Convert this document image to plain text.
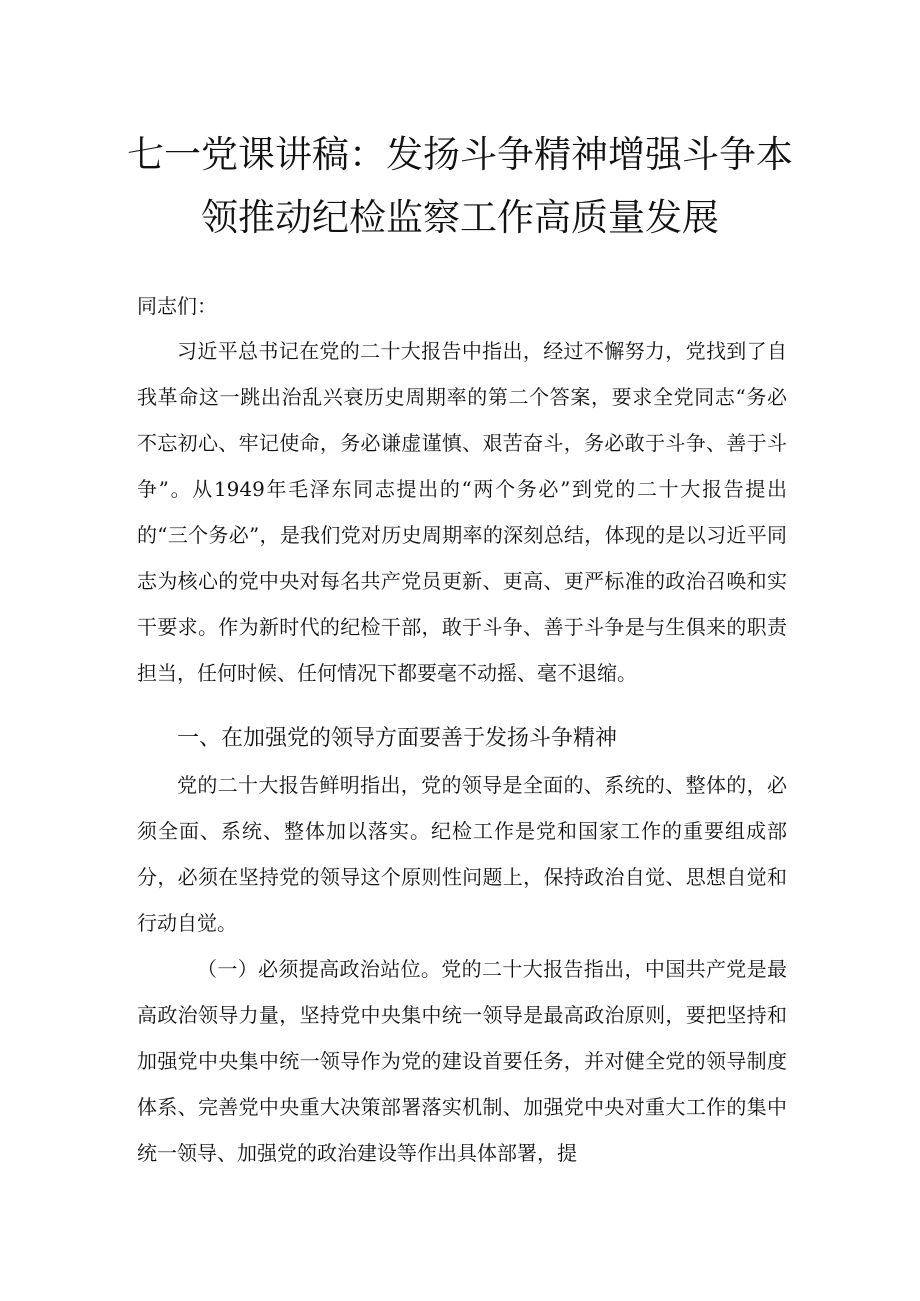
七一党课讲稿：发扬斗争精神增强斗争本
领推动纪检监察工作高质量发展
同志们：

习近平总书记在党的二十大报告中指出，经过不懈努力，党找到了自我革命这一跳出治乱兴衰历史周期率的第二个答案，要求全党同志“务必不忘初心、牢记使命，务必谦虚谨慎、艰苦奋斗，务必敢于斗争、善于斗争”。从1949年毛泽东同志提出的“两个务必”到党的二十大报告提出的“三个务必”，是我们党对历史周期率的深刻总结，体现的是以习近平同志为核心的党中央对每名共产党员更新、更高、更严标准的政治召唤和实干要求。作为新时代的纪检干部，敢于斗争、善于斗争是与生俱来的职责担当，任何时候、任何情况下都要毫不动摇、毫不退缩。

一、在加强党的领导方面要善于发扬斗争精神

党的二十大报告鲜明指出，党的领导是全面的、系统的、整体的，必须全面、系统、整体加以落实。纪检工作是党和国家工作的重要组成部分，必须在坚持党的领导这个原则性问题上，保持政治自觉、思想自觉和行动自觉。

（一）必须提高政治站位。党的二十大报告指出，中国共产党是最高政治领导力量，坚持党中央集中统一领导是最高政治原则，要把坚持和加强党中央集中统一领导作为党的建设首要任务，并对健全党的领导制度体系、完善党中央重大决策部署落实机制、加强党中央对重大工作的集中统一领导、加强党的政治建设等作出具体部署，提
